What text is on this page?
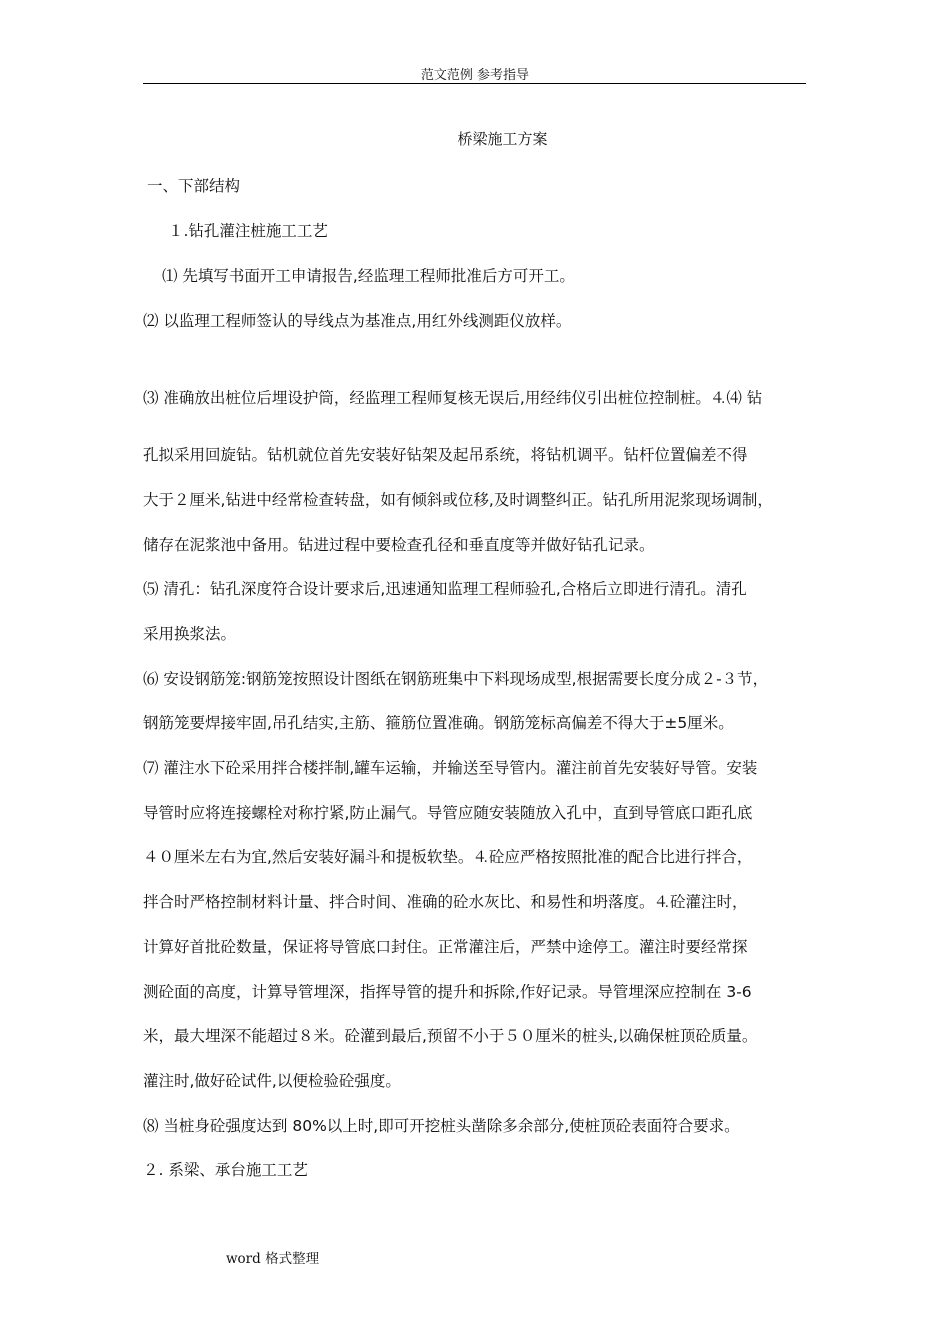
范文范例 参考指导
桥梁施工方案
一、下部结构
１.钻孔灌注桩施工工艺
⑴ 先填写书面开工申请报告,经监理工程师批准后方可开工。
⑵ 以监理工程师签认的导线点为基准点,用红外线测距仪放样。
⑶ 准确放出桩位后埋设护筒，经监理工程师复核无误后,用经纬仪引出桩位控制桩。⒋⑷ 钻
孔拟采用回旋钻。钻机就位首先安装好钻架及起吊系统，将钻机调平。钻杆位置偏差不得
大于２厘米,钻进中经常检查转盘，如有倾斜或位移,及时调整纠正。钻孔所用泥浆现场调制，
储存在泥浆池中备用。钻进过程中要检查孔径和垂直度等并做好钻孔记录。
⑸ 清孔：钻孔深度符合设计要求后,迅速通知监理工程师验孔,合格后立即进行清孔。清孔
采用换浆法。
⑹ 安设钢筋笼:钢筋笼按照设计图纸在钢筋班集中下料现场成型,根据需要长度分成２-３节，
钢筋笼要焊接牢固,吊孔结实,主筋、箍筋位置准确。钢筋笼标高偏差不得大于±5厘米。
⑺ 灌注水下砼采用拌合楼拌制,罐车运输，并输送至导管内。灌注前首先安装好导管。安装
导管时应将连接螺栓对称拧紧,防止漏气。导管应随安装随放入孔中，直到导管底口距孔底
４０厘米左右为宜,然后安装好漏斗和提板软垫。⒋砼应严格按照批准的配合比进行拌合，
拌合时严格控制材料计量、拌合时间、准确的砼水灰比、和易性和坍落度。⒋砼灌注时，
计算好首批砼数量，保证将导管底口封住。正常灌注后，严禁中途停工。灌注时要经常探
测砼面的高度，计算导管埋深，指挥导管的提升和拆除,作好记录。导管埋深应控制在 3-6
米，最大埋深不能超过８米。砼灌到最后,预留不小于５０厘米的桩头,以确保桩顶砼质量。
灌注时,做好砼试件,以便检验砼强度。
⑻ 当桩身砼强度达到 80%以上时,即可开挖桩头凿除多余部分,使桩顶砼表面符合要求。
２. 系梁、承台施工工艺
word 格式整理
